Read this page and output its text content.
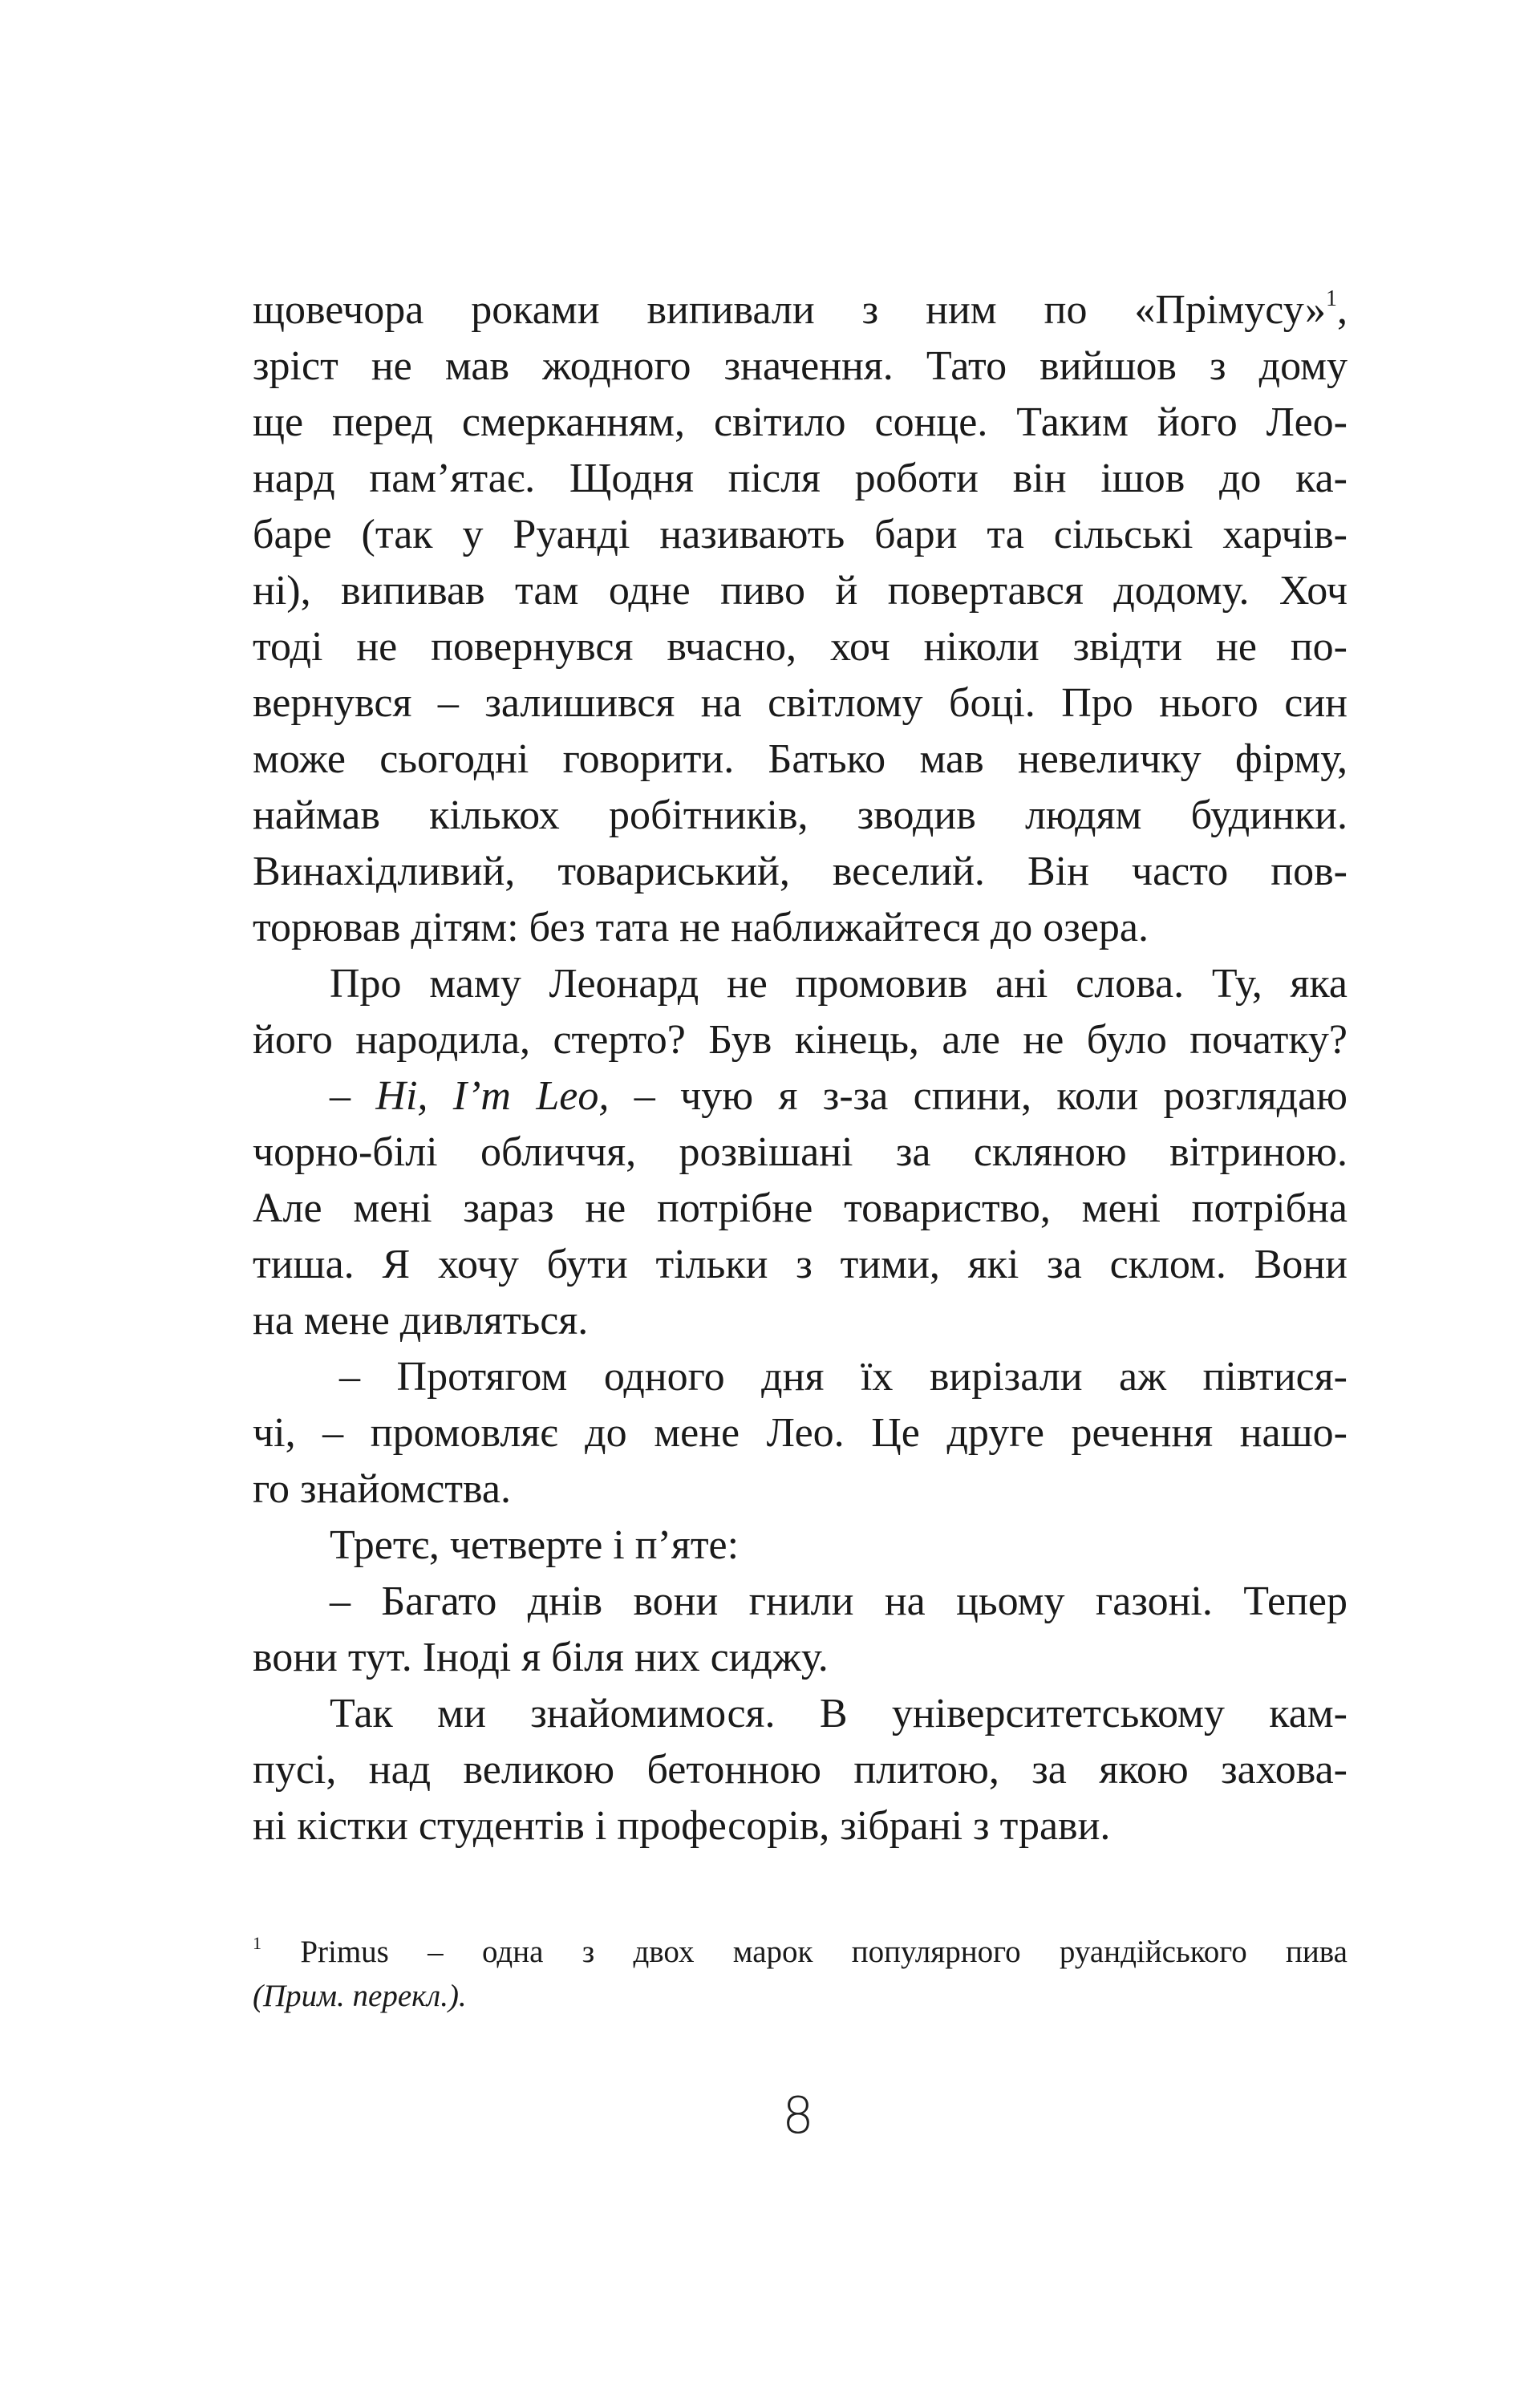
щовечора роками випивали з ним по «Прімусу»$^1$,
зріст не мав жодного значення. Тато вийшов з дому
ще перед смерканням, світило сонце. Таким його Лео-
нард пам’ятає. Щодня після роботи він ішов до ка-
баре (так у Руанді називають бари та сільські харчів-
ні), випивав там одне пиво й повертався додому. Хоч
тоді не повернувся вчасно, хоч ніколи звідти не по-
вернувся – залишився на світлому боці. Про нього син
може сьогодні говорити. Батько мав невеличку фірму,
наймав кількох робітників, зводив людям будинки.
Винахідливий, товариський, веселий. Він часто пов-
торював дітям: без тата не наближайтеся до озера.
Про маму Леонард не промовив ані слова. Ту, яка
його народила, стерто? Був кінець, але не було початку?
– Hi, I’m Leo, – чую я з-за спини, коли розглядаю
чорно-білі обличчя, розвішані за скляною вітриною.
Але мені зараз не потрібне товариство, мені потрібна
тиша. Я хочу бути тільки з тими, які за склом. Вони
на мене дивляться.
– Протягом одного дня їх вирізали аж півтися-
чі, – промовляє до мене Лео. Це друге речення нашо-
го знайомства.
Третє, четверте і п’яте:
– Багато днів вони гнили на цьому газоні. Тепер
вони тут. Іноді я біля них сиджу.
Так ми знайомимося. В університетському кам-
пусі, над великою бетонною плитою, за якою захова-
ні кістки студентів і професорів, зібрані з трави.
$^1$ Primus – одна з двох марок популярного руандійського пива
(Прим. перекл.).
8
